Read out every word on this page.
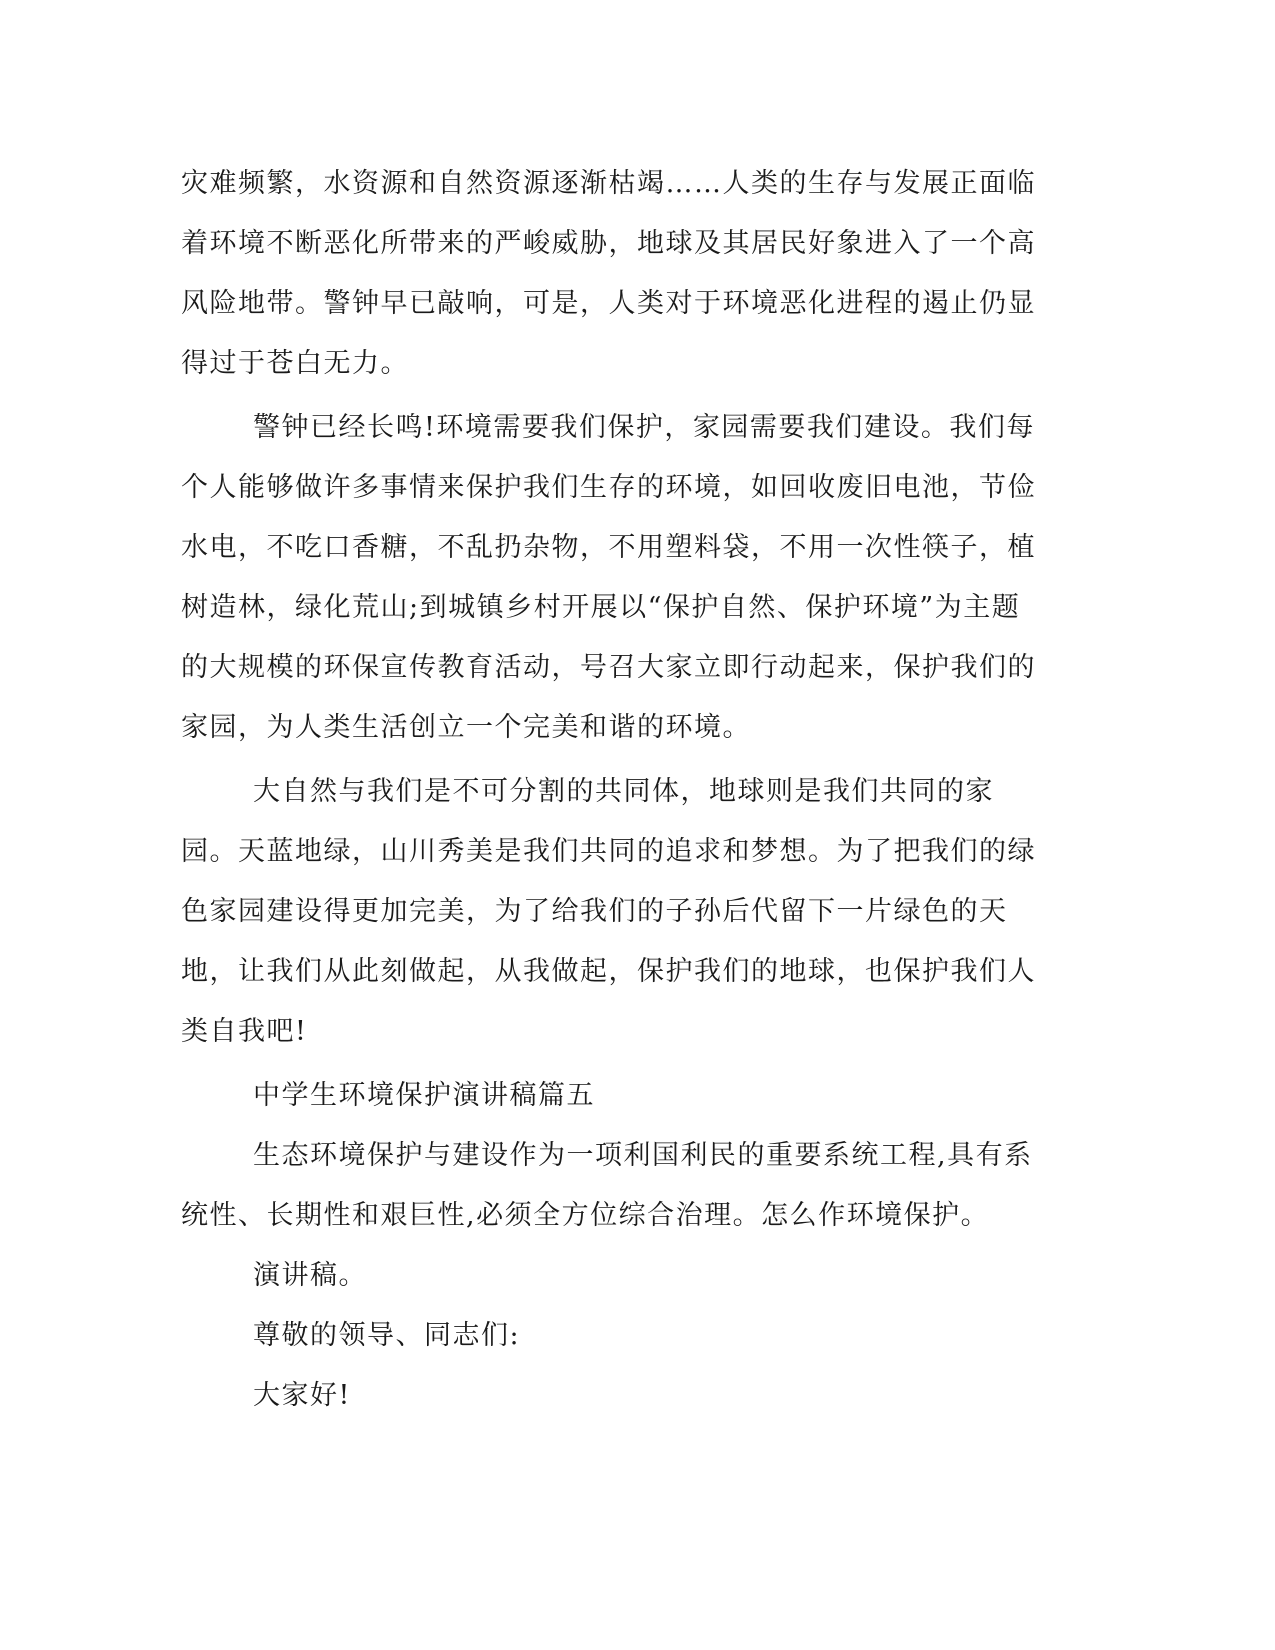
灾难频繁，水资源和自然资源逐渐枯竭……人类的生存与发展正面临着环境不断恶化所带来的严峻威胁，地球及其居民好象进入了一个高风险地带。警钟早已敲响，可是，人类对于环境恶化进程的遏止仍显得过于苍白无力。

警钟已经长鸣!环境需要我们保护，家园需要我们建设。我们每个人能够做许多事情来保护我们生存的环境，如回收废旧电池，节俭水电，不吃口香糖，不乱扔杂物，不用塑料袋，不用一次性筷子，植树造林，绿化荒山;到城镇乡村开展以“保护自然、保护环境”为主题的大规模的环保宣传教育活动，号召大家立即行动起来，保护我们的家园，为人类生活创立一个完美和谐的环境。

大自然与我们是不可分割的共同体，地球则是我们共同的家园。天蓝地绿，山川秀美是我们共同的追求和梦想。为了把我们的绿色家园建设得更加完美，为了给我们的子孙后代留下一片绿色的天地，让我们从此刻做起，从我做起，保护我们的地球，也保护我们人类自我吧!

中学生环境保护演讲稿篇五

生态环境保护与建设作为一项利国利民的重要系统工程,具有系统性、长期性和艰巨性,必须全方位综合治理。怎么作环境保护。

演讲稿。

尊敬的领导、同志们:

大家好!
